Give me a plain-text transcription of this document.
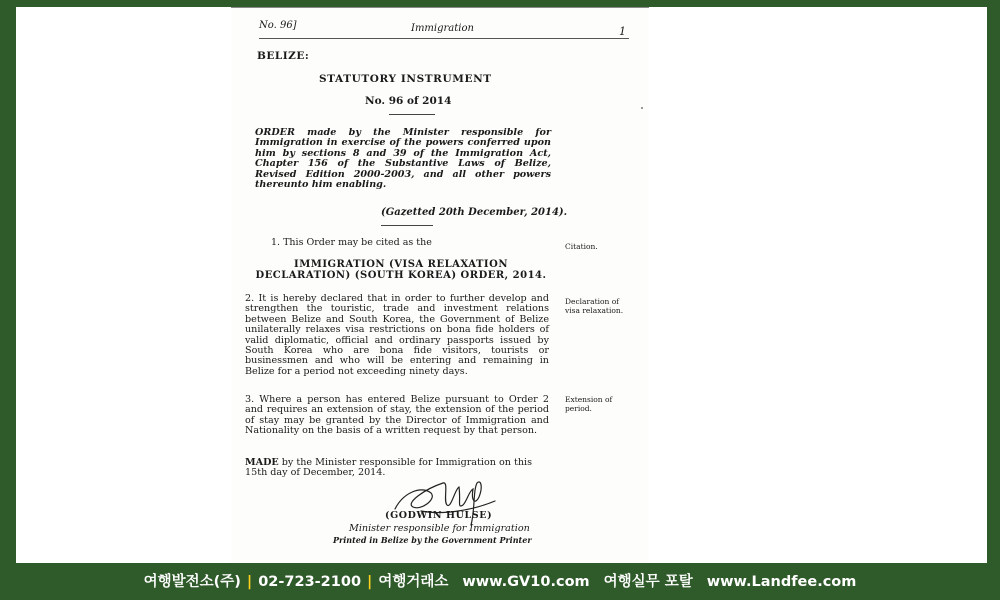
No. 96]	Immigration	1
BELIZE:
STATUTORY INSTRUMENT
No. 96 of 2014
ORDER made by the Minister responsible for Immigration in exercise of the powers conferred upon him by sections 8 and 39 of the Immigration Act, Chapter 156 of the Substantive Laws of Belize, Revised Edition 2000-2003, and all other powers thereunto him enabling.
(Gazetted 20th December, 2014).
1. This Order may be cited as the	Citation.
IMMIGRATION (VISA RELAXATION
DECLARATION) (SOUTH KOREA) ORDER, 2014.
2. It is hereby declared that in order to further develop and strengthen the touristic, trade and investment relations between Belize and South Korea, the Government of Belize unilaterally relaxes visa restrictions on bona fide holders of valid diplomatic, official and ordinary passports issued by South Korea who are bona fide visitors, tourists or businessmen and who will be entering and remaining in Belize for a period not exceeding ninety days.
Declaration of visa relaxation.
3. Where a person has entered Belize pursuant to Order 2 and requires an extension of stay, the extension of the period of stay may be granted by the Director of Immigration and Nationality on the basis of a written request by that person.
Extension of period.
MADE by the Minister responsible for Immigration on this 15th day of December, 2014.
(GODWIN HULSE)
Minister responsible for Immigration
Printed in Belize by the Government Printer
여행발전소(주) | 02-723-2100 | 여행거래소 www.GV10.com 여행실무 포탈 www.Landfee.com
